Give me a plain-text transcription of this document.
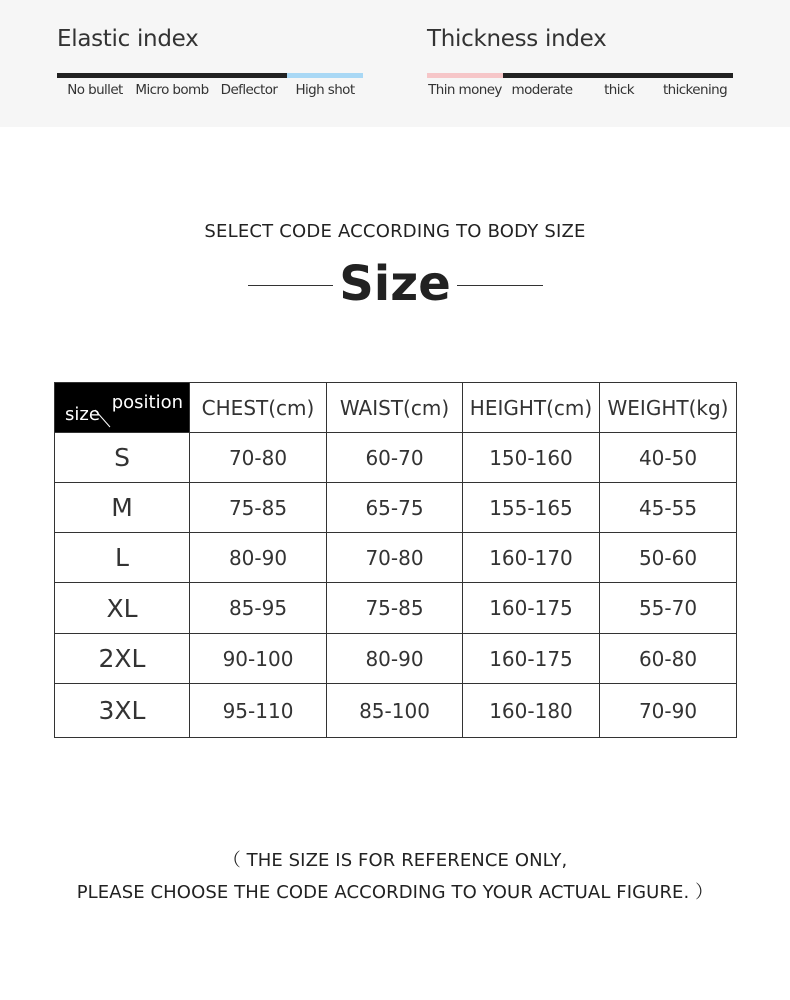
Elastic index
No bullet Micro bomb Deflector	High shot
Thickness index
Thin money moderate	thick	thickening
SELECT CODE ACCORDING TO BODY SIZE
Size
position
size	CHEST(cm)	WAIST(cm)	HEIGHT(cm)	WEIGHT(kg)
S	70-80	60-70	150-160	40-50
M	75-85	65-75	155-165	45-55
L	80-90	70-80	160-170	50-60
XL	85-95	75-85	160-175	55-70
2XL	90-100	80-90	160-175	60-80
3XL	95-110	85-100	160-180	70-90
（ THE SIZE IS FOR REFERENCE ONLY,
PLEASE CHOOSE THE CODE ACCORDING TO YOUR ACTUAL FIGURE. ）
